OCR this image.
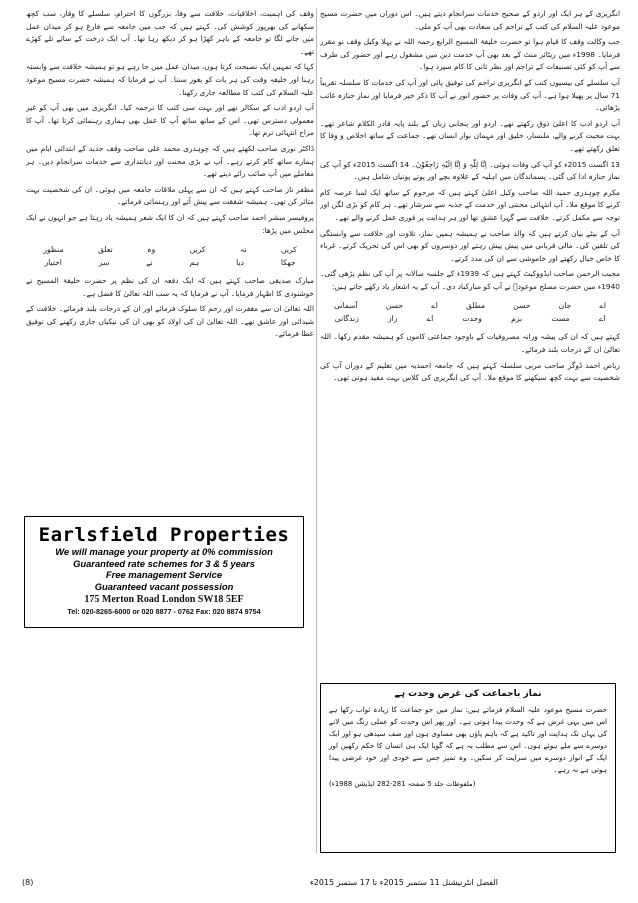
انگریزی کے ہر ایک اور اردو کے صحیح خدمات سرانجام دیتے ہیں۔ اس دوران میں حضرت مسیح موعود علیہ السلام کی کتب کے تراجم کی سعادت بھی آپ کو ملی۔

جب وکالت وقف کا قیام ہوا تو حضرت خلیفۃ المسیح الرابع رحمہ اللہ نے پہلا وکیل وقف نو مقرر فرمایا۔ 1998ء میں ریٹائر منٹ کے بعد بھی آپ خدمت دین میں مشغول رہے اور حضور کی طرف سے آپ کو کئی تصنیفات کے تراجم اور نظر ثانی کا کام سپرد ہوا۔

آپ سلسلے کی بیسیوں کتب کے انگریزی تراجم کی توفیق پائی اور آپ کی خدمات کا سلسلہ تقریباً 71 سال پر پھیلا ہوا ہے۔ آپ کی وفات پر حضور انور نے آپ کا ذکر خیر فرمایا اور نماز جنازہ غائب پڑھائی۔

آپ اردو ادب کا اعلیٰ ذوق رکھتے تھے۔ اردو اور پنجابی زبان کے بلند پایہ قادر الکلام شاعر تھے۔ بہت محبت کرنے والے، ملنسار، خلیق اور مہمان نواز انسان تھے۔ جماعت کے ساتھ اخلاص و وفا کا تعلق رکھتے تھے۔

13 اگست 2015ء کو آپ کی وفات ہوئی۔ اِنَّا لِلّٰہِ وَ اِنَّا اِلَیْہِ رَاجِعُوْنَ۔ 14 اگست 2015ء کو آپ کی نماز جنازہ ادا کی گئی۔ پسماندگان میں اہلیہ کے علاوہ بچے اور پوتے پوتیاں شامل ہیں۔

مکرم چوہدری حمید اللہ صاحب وکیل اعلیٰ کہتے ہیں کہ مرحوم کے ساتھ ایک لمبا عرصہ کام کرنے کا موقع ملا۔ آپ انتہائی محنتی اور خدمت کے جذبہ سے سرشار تھے۔ ہر کام کو بڑی لگن اور توجہ سے مکمل کرتے۔ خلافت سے گہرا عشق تھا اور ہر ہدایت پر فوری عمل کرنے والے تھے۔

آپ کے بیٹے بیان کرتے ہیں کہ والد صاحب نے ہمیشہ ہمیں نماز، تلاوت اور خلافت سے وابستگی کی تلقین کی۔ مالی قربانی میں پیش پیش رہتے اور دوسروں کو بھی اس کی تحریک کرتے۔ غرباء کا خاص خیال رکھتے اور خاموشی سے ان کی مدد کرتے۔

مجیب الرحمن صاحب ایڈووکیٹ کہتے ہیں کہ 1939ء کے جلسہ سالانہ پر آپ کی نظم پڑھی گئی۔ 1940ء میں حضرت مصلح موعودؓ نے آپ کو مبارکباد دی۔ آپ کے یہ اشعار یاد رکھے جاتے ہیں:

اے
جان
حسن
مطلق
اے
حسن
آسمانی
اے
مست
بزم
وحدت
اے
راز
زندگانی

کہتے ہیں کہ ان کی پیشہ ورانہ مصروفیات کے باوجود جماعتی کاموں کو ہمیشہ مقدم رکھا۔ اللہ تعالیٰ ان کے درجات بلند فرمائے۔

ریاض احمد ڈوگر صاحب مربی سلسلہ کہتے ہیں کہ جامعہ احمدیہ میں تعلیم کے دوران آپ کی شخصیت سے بہت کچھ سیکھنے کا موقع ملا۔ آپ کی انگریزی کی کلاس بہت مفید ہوتی تھی۔

وقف کی اہمیت، اخلاقیات، خلافت سے وفا، بزرگوں کا احترام، سلسلے کا وقار، سب کچھ سکھانے کی بھرپور کوشش کی۔ کہتے ہیں کہ جب میں جامعہ سے فارغ ہو کر میدان عمل میں جانے لگا تو جامعہ کے باہر کھڑا ہو کر دیکھ رہا تھا۔ آپ ایک درخت کے سائے تلے کھڑے تھے۔

کہا کہ تمہیں ایک نصیحت کرتا ہوں، میدان عمل میں جا رہے ہو تو ہمیشہ خلافت سے وابستہ رہنا اور خلیفہ وقت کی ہر بات کو بغور سننا۔ آپ نے فرمایا کہ ہمیشہ حضرت مسیح موعود علیہ السلام کی کتب کا مطالعہ جاری رکھنا۔

آپ اردو ادب کے سکالر تھے اور بہت سی کتب کا ترجمہ کیا۔ انگریزی میں بھی آپ کو غیر معمولی دسترس تھی۔ اس کے ساتھ ساتھ آپ کا عمل بھی ہماری رہنمائی کرتا تھا۔ آپ کا مزاج انتہائی نرم تھا۔

ڈاکٹر نوری صاحب لکھتے ہیں کہ چوہدری محمد علی صاحب وقف جدید کے ابتدائی ایام میں ہمارے ساتھ کام کرتے رہے۔ آپ نے بڑی محنت اور دیانتداری سے خدمات سرانجام دیں۔ ہر معاملے میں آپ صائب رائے دیتے تھے۔

مظفر ناز صاحب کہتے ہیں کہ ان سے پہلی ملاقات جامعہ میں ہوئی۔ ان کی شخصیت بہت متاثر کن تھی۔ ہمیشہ شفقت سے پیش آتے اور رہنمائی فرماتے۔

پروفیسر مبشر احمد صاحب کہتے ہیں کہ ان کا ایک شعر ہمیشہ یاد رہتا ہے جو انہوں نے ایک مجلس میں پڑھا:

کریں
نہ
کریں
وہ
تعلق
منظور
جھکا
دیا
ہم
نے
سر
اختیار

مبارک صدیقی صاحب کہتے ہیں کہ ایک دفعہ ان کی نظم پر حضرت خلیفۃ المسیح نے خوشنودی کا اظہار فرمایا۔ آپ نے فرمایا کہ یہ سب اللہ تعالیٰ کا فضل ہے۔

اللہ تعالیٰ ان سے مغفرت اور رحم کا سلوک فرمائے اور ان کے درجات بلند فرمائے۔ خلافت کے شیدائی اور عاشق تھے۔ اللہ تعالیٰ ان کی اولاد کو بھی ان کی نیکیاں جاری رکھنے کی توفیق عطا فرمائے۔

Earlsfield Properties
We will manage your property at 0% commission
Guaranteed rate schemes for 3 & 5 years
Free management Service
Guaranteed vacant possession
175 Merton Road London SW18 5EF
Tel: 020-8265-6000 or 020 8877 - 0762 Fax: 020 8874 9754
نماز باجماعت کی غرض وحدت ہے
حضرت مسیح موعود علیہ السلام فرماتے ہیں: نماز میں جو جماعت کا زیادہ ثواب رکھا ہے اس میں یہی غرض ہے کہ وحدت پیدا ہوتی ہے۔ اور پھر اس وحدت کو عملی رنگ میں لانے کی یہاں تک ہدایت اور تاکید ہے کہ باہم پاؤں بھی مساوی ہوں اور صف سیدھی ہو اور ایک دوسرے سے ملے ہوئے ہوں۔ اس سے مطلب یہ ہے کہ گویا ایک ہی انسان کا حکم رکھیں اور ایک کے انوار دوسرے میں سرایت کر سکیں۔ وہ تمیز جس سے خودی اور خود غرضی پیدا ہوتی ہے نہ رہے۔
(ملفوظات جلد 5 صفحہ 281-282 ایڈیشن 1988ء)
الفضل انٹرنیشنل 11 ستمبر 2015ء تا 17 ستمبر 2015ء
(8)
